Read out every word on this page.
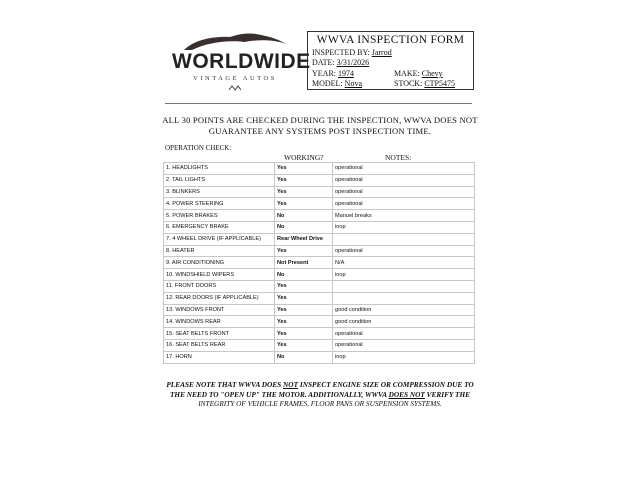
WORLDWIDE
VINTAGE AUTOS
WWVA INSPECTION FORM
INSPECTED BY: Jarrod
DATE: 3/31/2026
YEAR: 1974	MAKE: Chevy
MODEL: Nova	STOCK: CTP5475
ALL 30 POINTS ARE CHECKED DURING THE INSPECTION, WWVA DOES NOT
GUARANTEE ANY SYSTEMS POST INSPECTION TIME.
OPERATION CHECK:
WORKING?	NOTES:
1. HEADLIGHTS	Yes	operational
2. TAIL LIGHTS	Yes	operational
3. BLINKERS	Yes	operational
4. POWER STEERING	Yes	operational
5. POWER BRAKES	No	Manuel breaks
6. EMERGENCY BRAKE	No	inop
7. 4 WHEEL DRIVE (IF APPLICABLE)	Rear Wheel Drive	
8. HEATER	Yes	operational
9. AIR CONDITIONING	Not Present	N/A
10. WINDSHIELD WIPERS	No	inop
11. FRONT DOORS	Yes	
12. REAR DOORS (IF APPLICABLE)	Yes	
13. WINDOWS FRONT	Yes	good condition
14. WINDOWS REAR	Yes	good condition
15. SEAT BELTS FRONT	Yes	operational
16. SEAT BELTS REAR	Yes	operational
17. HORN	No	inop
PLEASE NOTE THAT WWVA DOES NOT INSPECT ENGINE SIZE OR COMPRESSION DUE TO
THE NEED TO "OPEN UP" THE MOTOR. ADDITIONALLY, WWVA DOES NOT VERIFY THE
INTEGRITY OF VEHICLE FRAMES, FLOOR PANS OR SUSPENSION SYSTEMS.
